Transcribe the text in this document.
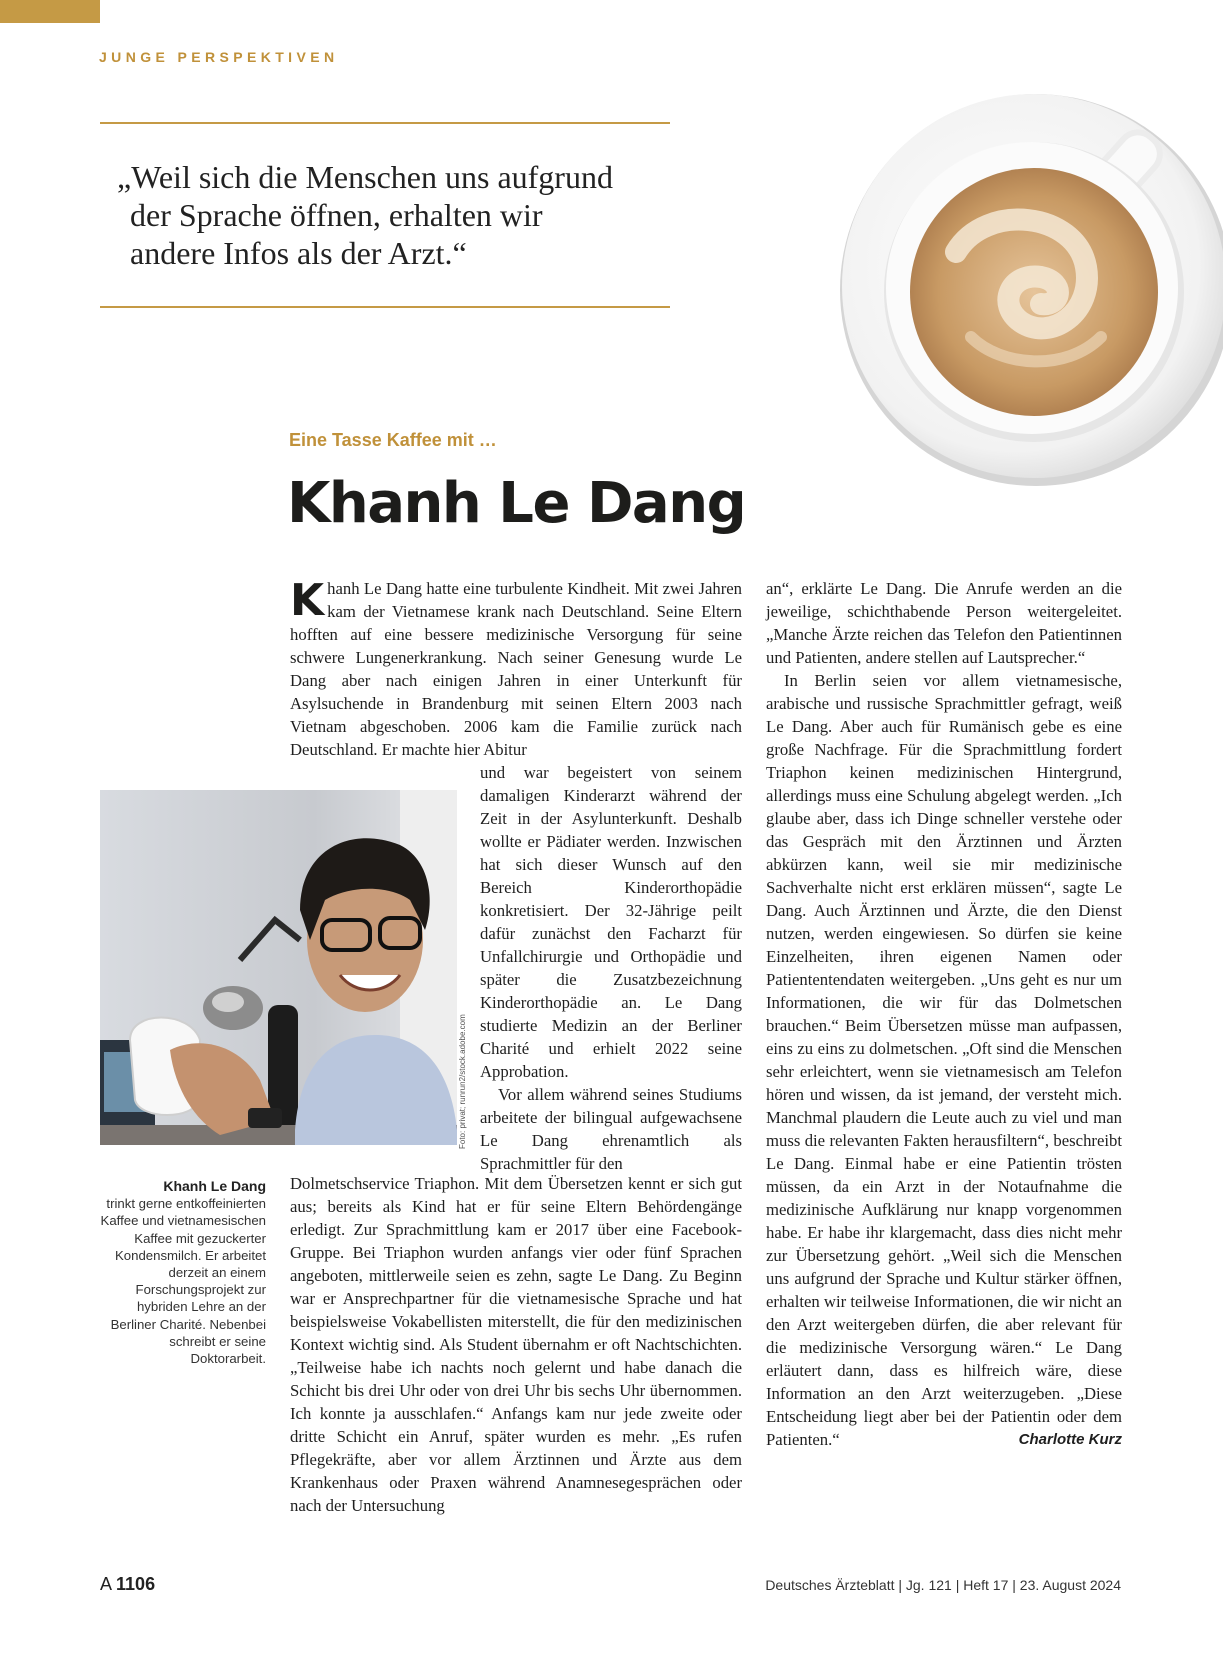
JUNGE PERSPEKTIVEN

„Weil sich die Menschen uns aufgrund
der Sprache öffnen, erhalten wir
andere Infos als der Arzt.“

Eine Tasse Kaffee mit …

Khanh Le Dang

Khanh Le Dang hatte eine turbulente Kindheit. Mit zwei Jahren kam der Vietnamese krank nach Deutschland. Seine Eltern hofften auf eine bessere medizinische Versorgung für seine schwere Lungenerkrankung. Nach seiner Genesung wurde Le Dang aber nach einigen Jahren in einer Unterkunft für Asylsuchende in Brandenburg mit seinen Eltern 2003 nach Vietnam abgeschoben. 2006 kam die Familie zurück nach Deutschland. Er machte hier Abitur

Foto: privat; runrun2/stock.adobe.com

und war begeistert von seinem damaligen Kinderarzt während der Zeit in der Asylunterkunft. Deshalb wollte er Pädiater werden. Inzwischen hat sich dieser Wunsch auf den Bereich Kinderorthopädie konkretisiert. Der 32-Jährige peilt dafür zunächst den Facharzt für Unfallchirurgie und Orthopädie und später die Zusatzbezeichnung Kinderorthopädie an. Le Dang studierte Medizin an der Berliner Charité und erhielt 2022 seine Approbation.

Vor allem während seines Studiums arbeitete der bilingual aufgewachsene Le Dang ehrenamtlich als Sprachmittler für den

Dolmetschservice Triaphon. Mit dem Übersetzen kennt er sich gut aus; bereits als Kind hat er für seine Eltern Behördengänge erledigt. Zur Sprachmittlung kam er 2017 über eine Facebook-Gruppe. Bei Triaphon wurden anfangs vier oder fünf Sprachen angeboten, mittlerweile seien es zehn, sagte Le Dang. Zu Beginn war er Ansprechpartner für die vietnamesische Sprache und hat beispielsweise Vokabellisten miterstellt, die für den medizinischen Kontext wichtig sind. Als Student übernahm er oft Nachtschichten. „Teilweise habe ich nachts noch gelernt und habe danach die Schicht bis drei Uhr oder von drei Uhr bis sechs Uhr übernommen. Ich konnte ja ausschlafen.“ Anfangs kam nur jede zweite oder dritte Schicht ein Anruf, später wurden es mehr. „Es rufen Pflegekräfte, aber vor allem Ärztinnen und Ärzte aus dem Krankenhaus oder Praxen während Anamnesegesprächen oder nach der Untersuchung

Khanh Le Dang
trinkt gerne entkoffeinierten Kaffee und vietnamesischen Kaffee mit gezuckerter Kondensmilch. Er arbeitet derzeit an einem Forschungsprojekt zur hybriden Lehre an der Berliner Charité. Nebenbei schreibt er seine Doktorarbeit.

an“, erklärte Le Dang. Die Anrufe werden an die jeweilige, schichthabende Person weitergeleitet. „Manche Ärzte reichen das Telefon den Patientinnen und Patienten, andere stellen auf Lautsprecher.“

In Berlin seien vor allem vietnamesische, arabische und russische Sprachmittler gefragt, weiß Le Dang. Aber auch für Rumänisch gebe es eine große Nachfrage. Für die Sprachmittlung fordert Triaphon keinen medizinischen Hintergrund, allerdings muss eine Schulung abgelegt werden. „Ich glaube aber, dass ich Dinge schneller verstehe oder das Gespräch mit den Ärztinnen und Ärzten abkürzen kann, weil sie mir medizinische Sachverhalte nicht erst erklären müssen“, sagte Le Dang. Auch Ärztinnen und Ärzte, die den Dienst nutzen, werden eingewiesen. So dürfen sie keine Einzelheiten, ihren eigenen Namen oder Patiententendaten weitergeben. „Uns geht es nur um Informationen, die wir für das Dolmetschen brauchen.“ Beim Übersetzen müsse man aufpassen, eins zu eins zu dolmetschen. „Oft sind die Menschen sehr erleichtert, wenn sie vietnamesisch am Telefon hören und wissen, da ist jemand, der versteht mich. Manchmal plaudern die Leute auch zu viel und man muss die relevanten Fakten herausfiltern“, beschreibt Le Dang. Einmal habe er eine Patientin trösten müssen, da ein Arzt in der Notaufnahme die medizinische Aufklärung nur knapp vorgenommen habe. Er habe ihr klargemacht, dass dies nicht mehr zur Übersetzung gehört. „Weil sich die Menschen uns aufgrund der Sprache und Kultur stärker öffnen, erhalten wir teilweise Informationen, die wir nicht an den Arzt weitergeben dürfen, die aber relevant für die medizinische Versorgung wären.“ Le Dang erläutert dann, dass es hilfreich wäre, diese Information an den Arzt weiterzugeben. „Diese Entscheidung liegt aber bei der Patientin oder dem Patienten.“	Charlotte Kurz

A 1106	Deutsches Ärzteblatt | Jg. 121 | Heft 17 | 23. August 2024
